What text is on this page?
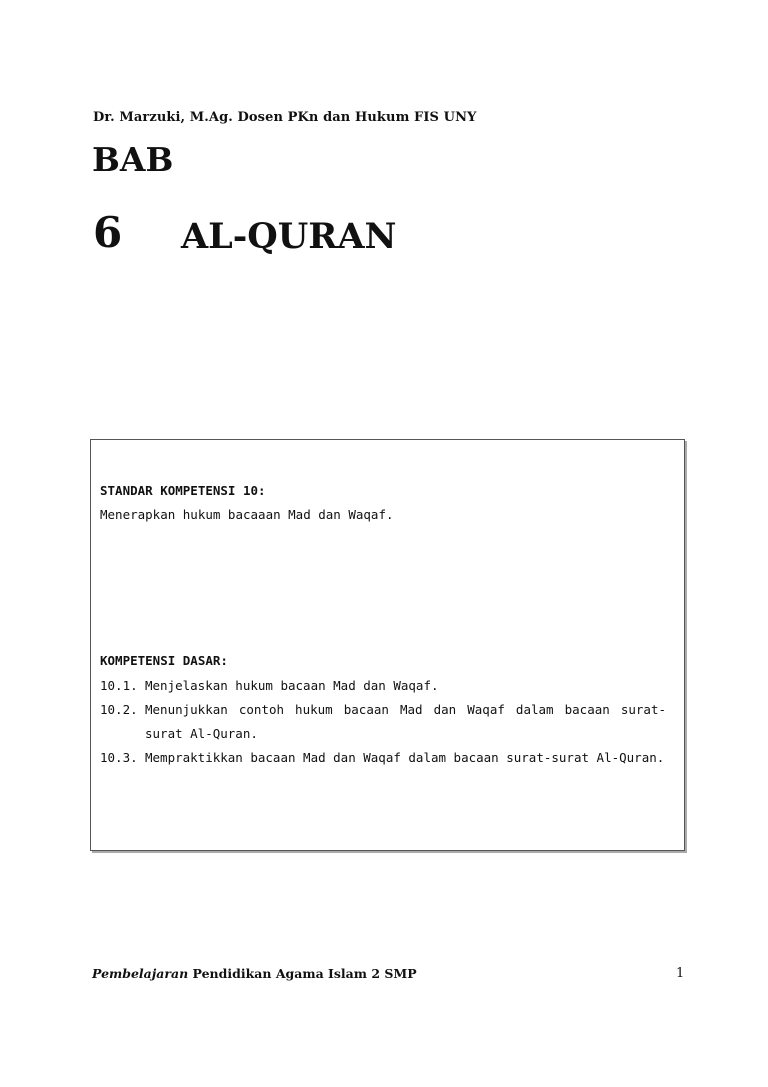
Dr. Marzuki, M.Ag. Dosen PKn dan Hukum FIS UNY
BAB
6 AL-QURAN
STANDAR KOMPETENSI 10:
Menerapkan hukum bacaaan Mad dan Waqaf.
KOMPETENSI DASAR:
10.1. Menjelaskan hukum bacaan Mad dan Waqaf.
10.2. Menunjukkan contoh hukum bacaan Mad dan Waqaf dalam bacaan surat-surat Al-Quran.
10.3. Mempraktikkan bacaan Mad dan Waqaf dalam bacaan surat-surat Al-Quran.
Pembelajaran Pendidikan Agama Islam 2 SMP	1
